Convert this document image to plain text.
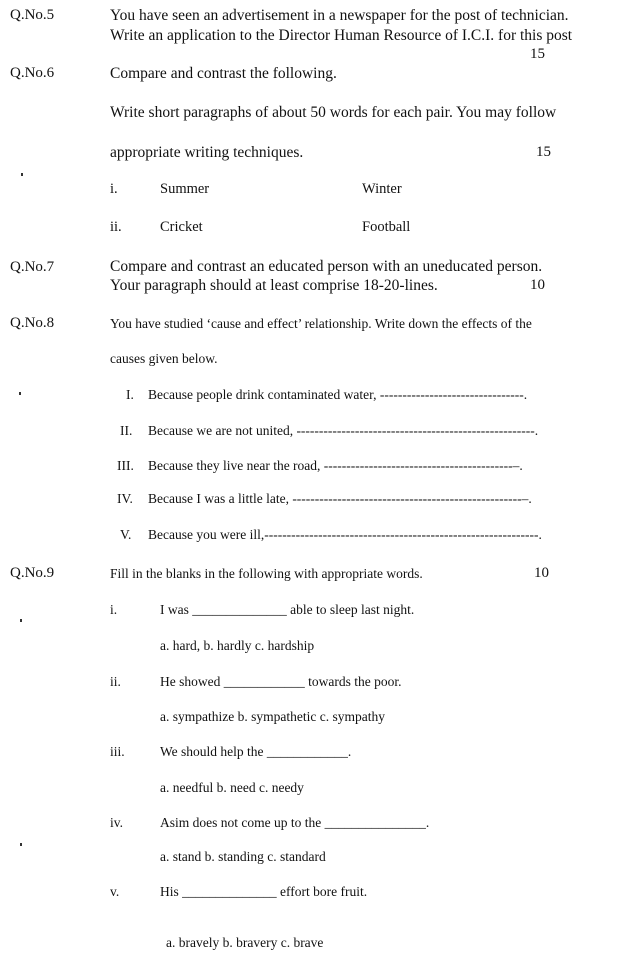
Q.No.5	You have seen an advertisement in a newspaper for the post of technician.
Write an application to the Director Human Resource of I.C.I. for this post
15
Q.No.6	Compare and contrast the following.
Write short paragraphs of about 50 words for each pair. You may follow
appropriate writing techniques.	15
i.	Summer	Winter
ii.	Cricket	Football
Q.No.7	Compare and contrast an educated person with an uneducated person.
Your paragraph should at least comprise 18-20-lines.	10
Q.No.8	You have studied ‘cause and effect’ relationship. Write down the effects of the
causes given below.
I. Because people drink contaminated water, --------------------------------.
II. Because we are not united, -----------------------------------------------------.
III. Because they live near the road, ------------------------------------------–.
IV. Because I was a little late, ---------------------------------------------------–.
V. Because you were ill,-------------------------------------------------------------.
Q.No.9	Fill in the blanks in the following with appropriate words.	10
i.	I was ______________ able to sleep last night.
a. hard, b. hardly c. hardship
ii.	He showed ____________ towards the poor.
a. sympathize b. sympathetic c. sympathy
iii.	We should help the ____________.
a. needful b. need c. needy
iv.	Asim does not come up to the _______________.
a. stand b. standing c. standard
v.	His ______________ effort bore fruit.
a. bravely b. bravery c. brave
